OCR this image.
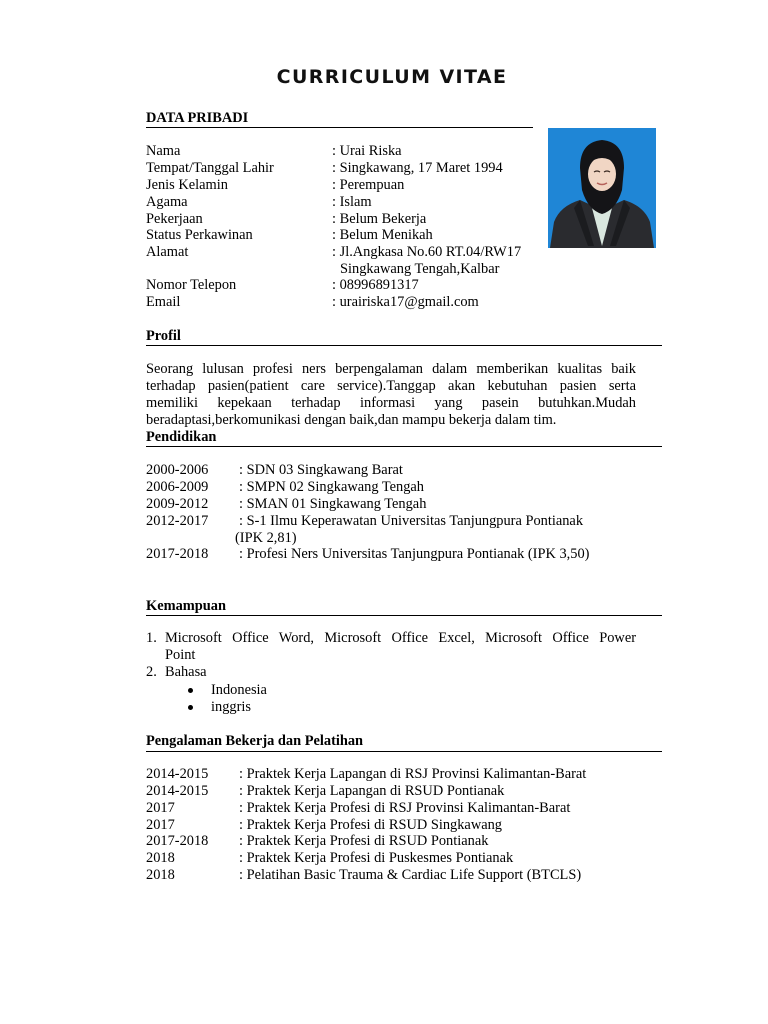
CURRICULUM VITAE
DATA PRIBADI
Nama	: Urai Riska
Tempat/Tanggal Lahir	: Singkawang, 17 Maret 1994
Jenis Kelamin	: Perempuan
Agama	: Islam
Pekerjaan	: Belum Bekerja
Status Perkawinan	: Belum Menikah
Alamat	: Jl.Angkasa No.60 RT.04/RW17
Singkawang Tengah,Kalbar
Nomor Telepon	: 08996891317
Email	: urairiska17@gmail.com
Profil
Seorang lulusan profesi ners berpengalaman dalam memberikan kualitas baik
terhadap pasien(patient care service).Tanggap akan kebutuhan pasien serta
memiliki kepekaan terhadap informasi yang pasein butuhkan.Mudah
beradaptasi,berkomunikasi dengan baik,dan mampu bekerja dalam tim.
Pendidikan
2000-2006 : SDN 03 Singkawang Barat
2006-2009 : SMPN 02 Singkawang Tengah
2009-2012 : SMAN 01 Singkawang Tengah
2012-2017 : S-1 Ilmu Keperawatan Universitas Tanjungpura Pontianak
(IPK 2,81)
2017-2018 : Profesi Ners Universitas Tanjungpura Pontianak (IPK 3,50)
Kemampuan
1. Microsoft Office Word, Microsoft Office Excel, Microsoft Office Power
Point
2. Bahasa
Indonesia
inggris
Pengalaman Bekerja dan Pelatihan
2014-2015 : Praktek Kerja Lapangan di RSJ Provinsi Kalimantan-Barat
2014-2015 : Praktek Kerja Lapangan di RSUD Pontianak
2017	: Praktek Kerja Profesi di RSJ Provinsi Kalimantan-Barat
2017	: Praktek Kerja Profesi di RSUD Singkawang
2017-2018 : Praktek Kerja Profesi di RSUD Pontianak
2018	: Praktek Kerja Profesi di Puskesmes Pontianak
2018	: Pelatihan Basic Trauma & Cardiac Life Support (BTCLS)
